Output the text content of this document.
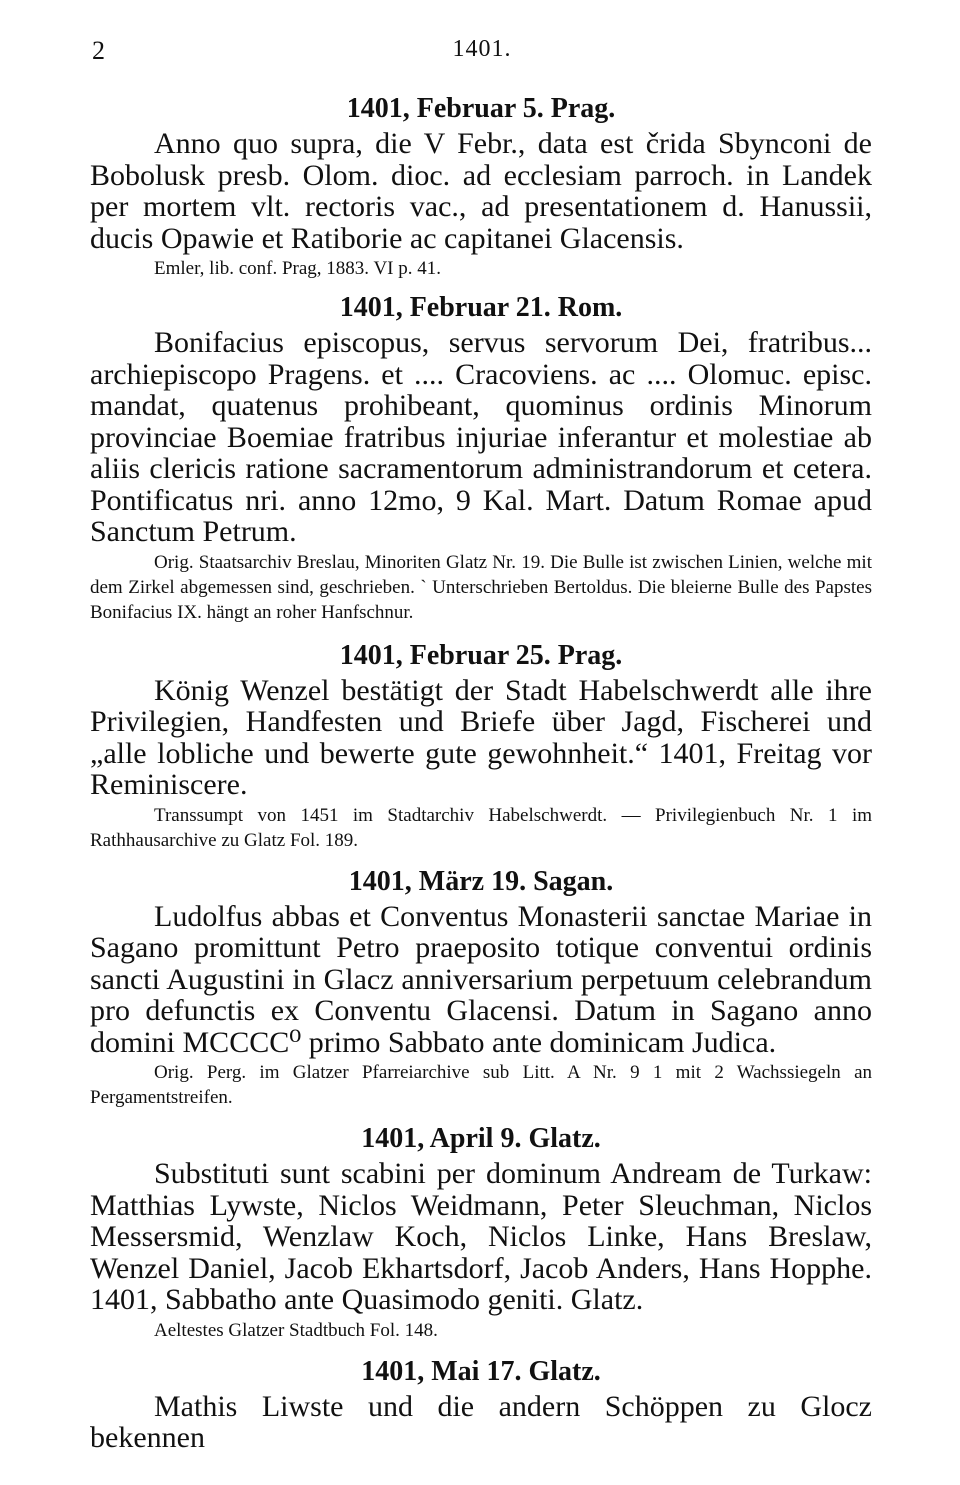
2	1401.
1401, Februar 5. Prag.

Anno quo supra, die V Febr., data est črida Sbynconi de Bobolusk presb. Olom. dioc. ad ecclesiam parroch. in Landek per mortem vlt. rectoris vac., ad presentationem d. Hanussii, ducis Opawie et Ratiborie ac capitanei Glacensis.

Emler, lib. conf. Prag, 1883. VI p. 41.

1401, Februar 21. Rom.

Bonifacius episcopus, servus servorum Dei, fratribus... archiepiscopo Pragens. et .... Cracoviens. ac .... Olomuc. episc. mandat, quatenus prohibeant, quominus ordinis Minorum provinciae Boemiae fratribus injuriae inferantur et molestiae ab aliis clericis ratione sacramentorum administrandorum et cetera. Pontificatus nri. anno 12mo, 9 Kal. Mart. Datum Romae apud Sanctum Petrum.

Orig. Staatsarchiv Breslau, Minoriten Glatz Nr. 19. Die Bulle ist zwischen Linien, welche mit dem Zirkel abgemessen sind, geschrieben. ` Unterschrieben Bertoldus. Die bleierne Bulle des Papstes Bonifacius IX. hängt an roher Hanfschnur.

1401, Februar 25. Prag.

König Wenzel bestätigt der Stadt Habelschwerdt alle ihre Privilegien, Handfesten und Briefe über Jagd, Fischerei und „alle lobliche und bewerte gute gewohnheit.“ 1401, Freitag vor Reminiscere.

Transsumpt von 1451 im Stadtarchiv Habelschwerdt. — Privilegienbuch Nr. 1 im Rathhausarchive zu Glatz Fol. 189.

1401, März 19. Sagan.

Ludolfus abbas et Conventus Monasterii sanctae Mariae in Sagano promittunt Petro praeposito totique conventui ordinis sancti Augustini in Glacz anniversarium perpetuum celebrandum pro defunctis ex Conventu Glacensi. Datum in Sagano anno domini MCCCC⁰ primo Sabbato ante dominicam Judica.

Orig. Perg. im Glatzer Pfarreiarchive sub Litt. A Nr. 9 1 mit 2 Wachssiegeln an Pergamentstreifen.

1401, April 9. Glatz.

Substituti sunt scabini per dominum Andream de Turkaw: Matthias Lywste, Niclos Weidmann, Peter Sleuchman, Niclos Messersmid, Wenzlaw Koch, Niclos Linke, Hans Breslaw, Wenzel Daniel, Jacob Ekhartsdorf, Jacob Anders, Hans Hopphe. 1401, Sabbatho ante Quasimodo geniti. Glatz.

Aeltestes Glatzer Stadtbuch Fol. 148.

1401, Mai 17. Glatz.

Mathis Liwste und die andern Schöppen zu Glocz bekennen
